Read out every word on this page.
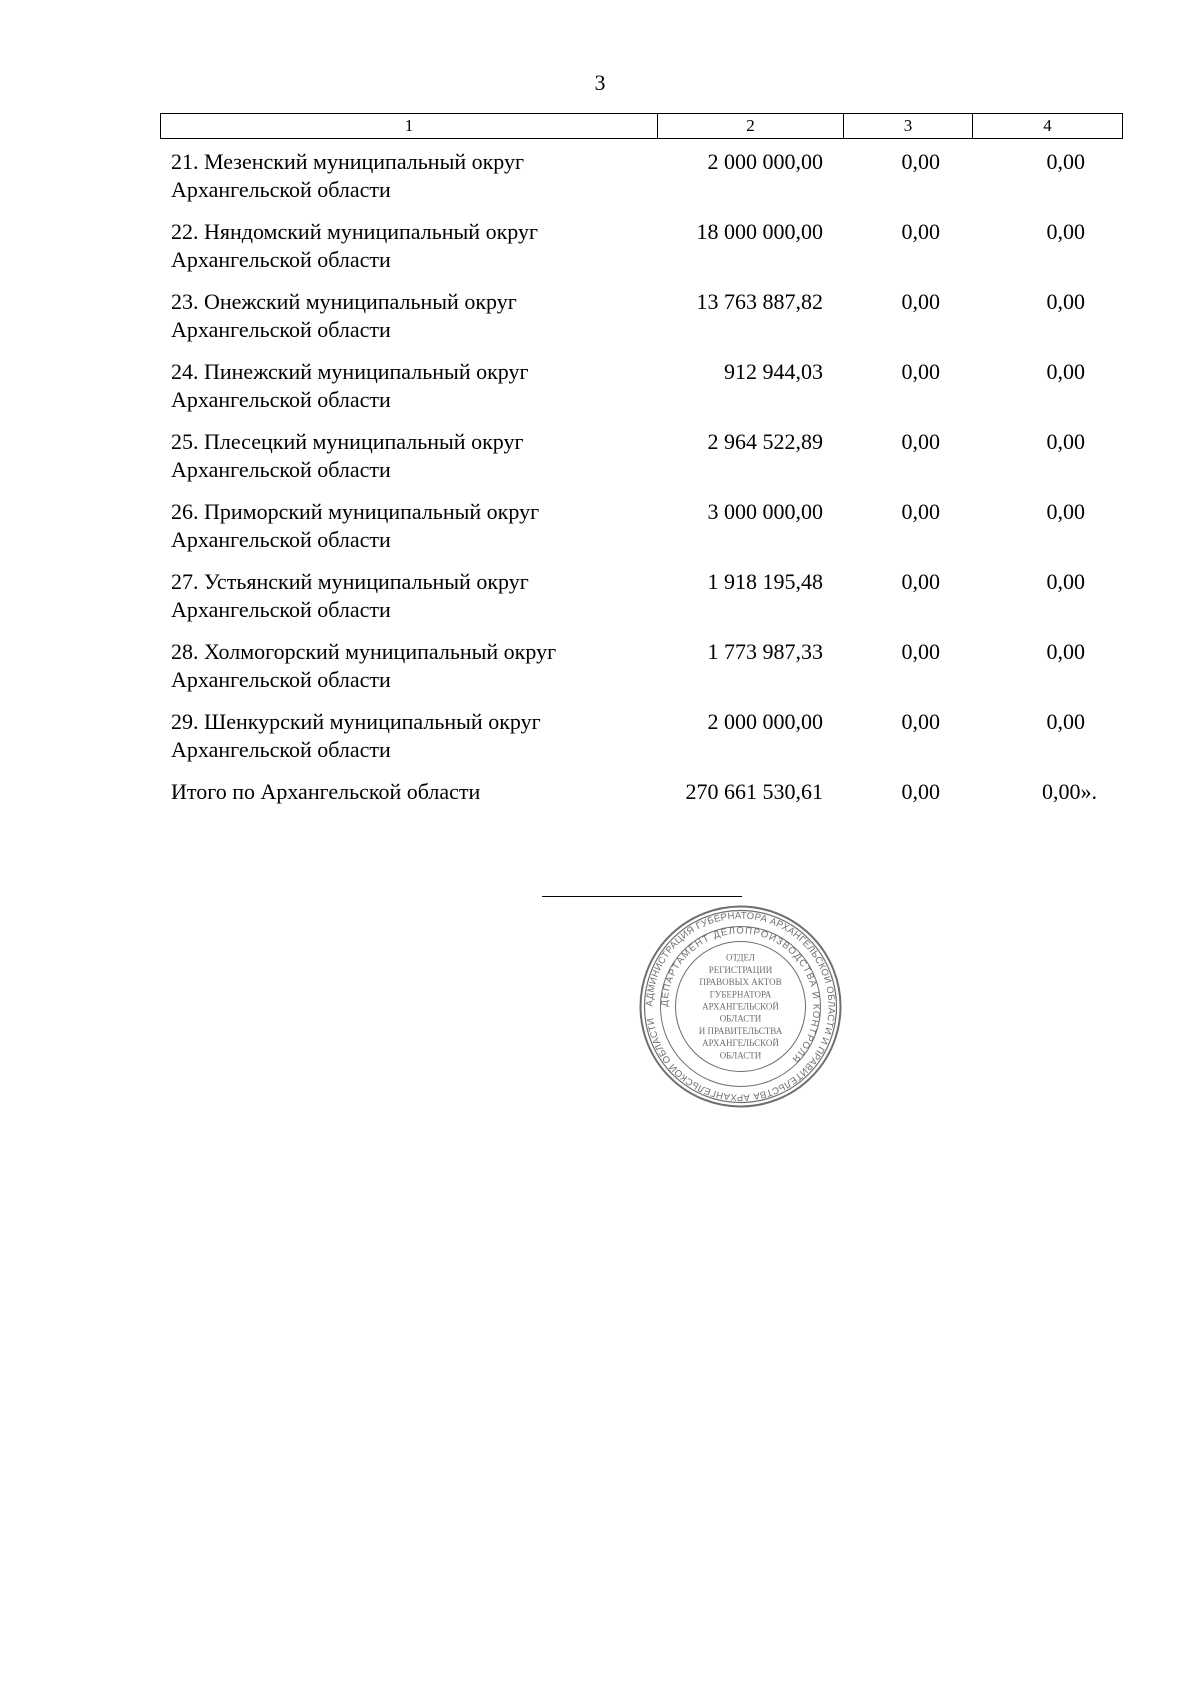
3
1	2	3	4
21. Мезенский муниципальный округ
Архангельской области
2 000 000,00	0,00	0,00
22. Няндомский муниципальный округ
Архангельской области
18 000 000,00	0,00	0,00
23. Онежский муниципальный округ
Архангельской области
13 763 887,82	0,00	0,00
24. Пинежский муниципальный округ
Архангельской области
912 944,03	0,00	0,00
25. Плесецкий муниципальный округ
Архангельской области
2 964 522,89	0,00	0,00
26. Приморский муниципальный округ
Архангельской области
3 000 000,00	0,00	0,00
27. Устьянский муниципальный округ
Архангельской области
1 918 195,48	0,00	0,00
28. Холмогорский муниципальный округ
Архангельской области
1 773 987,33	0,00	0,00
29. Шенкурский муниципальный округ
Архангельской области
2 000 000,00	0,00	0,00
Итого по Архангельской области	270 661 530,61	0,00	0,00».
АДМИНИСТРАЦИЯ ГУБЕРНАТОРА АРХАНГЕЛЬСКОЙ ОБЛАСТИ И ПРАВИТЕЛЬСТВА АРХАНГЕЛЬСКОЙ ОБЛАСТИ
ДЕПАРТАМЕНТ ДЕЛОПРОИЗВОДСТВА И КОНТРОЛЯ
ОТДЕЛ
РЕГИСТРАЦИИ
ПРАВОВЫХ АКТОВ
ГУБЕРНАТОРА
АРХАНГЕЛЬСКОЙ
ОБЛАСТИ
И ПРАВИТЕЛЬСТВА
АРХАНГЕЛЬСКОЙ
ОБЛАСТИ
